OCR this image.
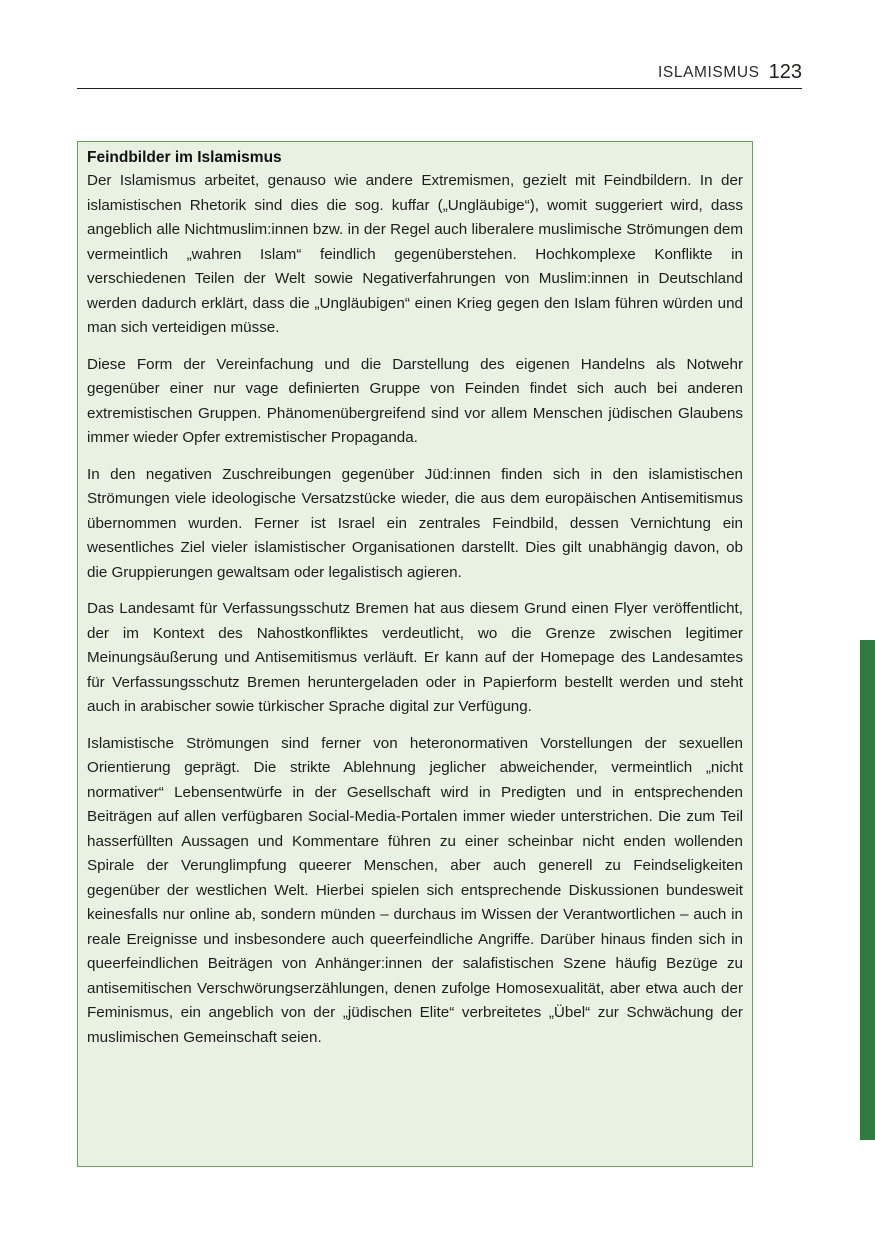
ISLAMISMUS 123
Feindbilder im Islamismus

Der Islamismus arbeitet, genauso wie andere Extremismen, gezielt mit Feindbildern. In der islamistischen Rhetorik sind dies die sog. kuffar („Ungläubige“), womit suggeriert wird, dass angeblich alle Nichtmuslim:innen bzw. in der Regel auch liberalere muslimische Strömungen dem vermeintlich „wahren Islam“ feindlich gegenüberstehen. Hochkomplexe Konflikte in verschiedenen Teilen der Welt sowie Negativerfahrungen von Muslim:innen in Deutschland werden dadurch erklärt, dass die „Ungläubigen“ einen Krieg gegen den Islam führen würden und man sich verteidigen müsse.

Diese Form der Vereinfachung und die Darstellung des eigenen Handelns als Notwehr gegenüber einer nur vage definierten Gruppe von Feinden findet sich auch bei anderen extremistischen Gruppen. Phänomenübergreifend sind vor allem Menschen jüdischen Glaubens immer wieder Opfer extremistischer Propaganda.

In den negativen Zuschreibungen gegenüber Jüd:innen finden sich in den islamistischen Strömungen viele ideologische Versatzstücke wieder, die aus dem europäischen Antisemitismus übernommen wurden. Ferner ist Israel ein zentrales Feindbild, dessen Vernichtung ein wesentliches Ziel vieler islamistischer Organisationen darstellt. Dies gilt unabhängig davon, ob die Gruppierungen gewaltsam oder legalistisch agieren.

Das Landesamt für Verfassungsschutz Bremen hat aus diesem Grund einen Flyer veröffentlicht, der im Kontext des Nahostkonfliktes verdeutlicht, wo die Grenze zwischen legitimer Meinungsäußerung und Antisemitismus verläuft. Er kann auf der Homepage des Landesamtes für Verfassungsschutz Bremen heruntergeladen oder in Papierform bestellt werden und steht auch in arabischer sowie türkischer Sprache digital zur Verfügung.

Islamistische Strömungen sind ferner von heteronormativen Vorstellungen der sexuellen Orientierung geprägt. Die strikte Ablehnung jeglicher abweichender, vermeintlich „nicht normativer“ Lebensentwürfe in der Gesellschaft wird in Predigten und in entsprechenden Beiträgen auf allen verfügbaren Social-Media-Portalen immer wieder unterstrichen. Die zum Teil hasserfüllten Aussagen und Kommentare führen zu einer scheinbar nicht enden wollenden Spirale der Verunglimpfung queerer Menschen, aber auch generell zu Feindseligkeiten gegenüber der westlichen Welt. Hierbei spielen sich entsprechende Diskussionen bundesweit keinesfalls nur online ab, sondern münden – durchaus im Wissen der Verantwortlichen – auch in reale Ereignisse und insbesondere auch queerfeindliche Angriffe. Darüber hinaus finden sich in queerfeindlichen Beiträgen von Anhänger:innen der salafistischen Szene häufig Bezüge zu antisemitischen Verschwörungserzählungen, denen zufolge Homosexualität, aber etwa auch der Feminismus, ein angeblich von der „jüdischen Elite“ verbreitetes „Übel“ zur Schwächung der muslimischen Gemeinschaft seien.
